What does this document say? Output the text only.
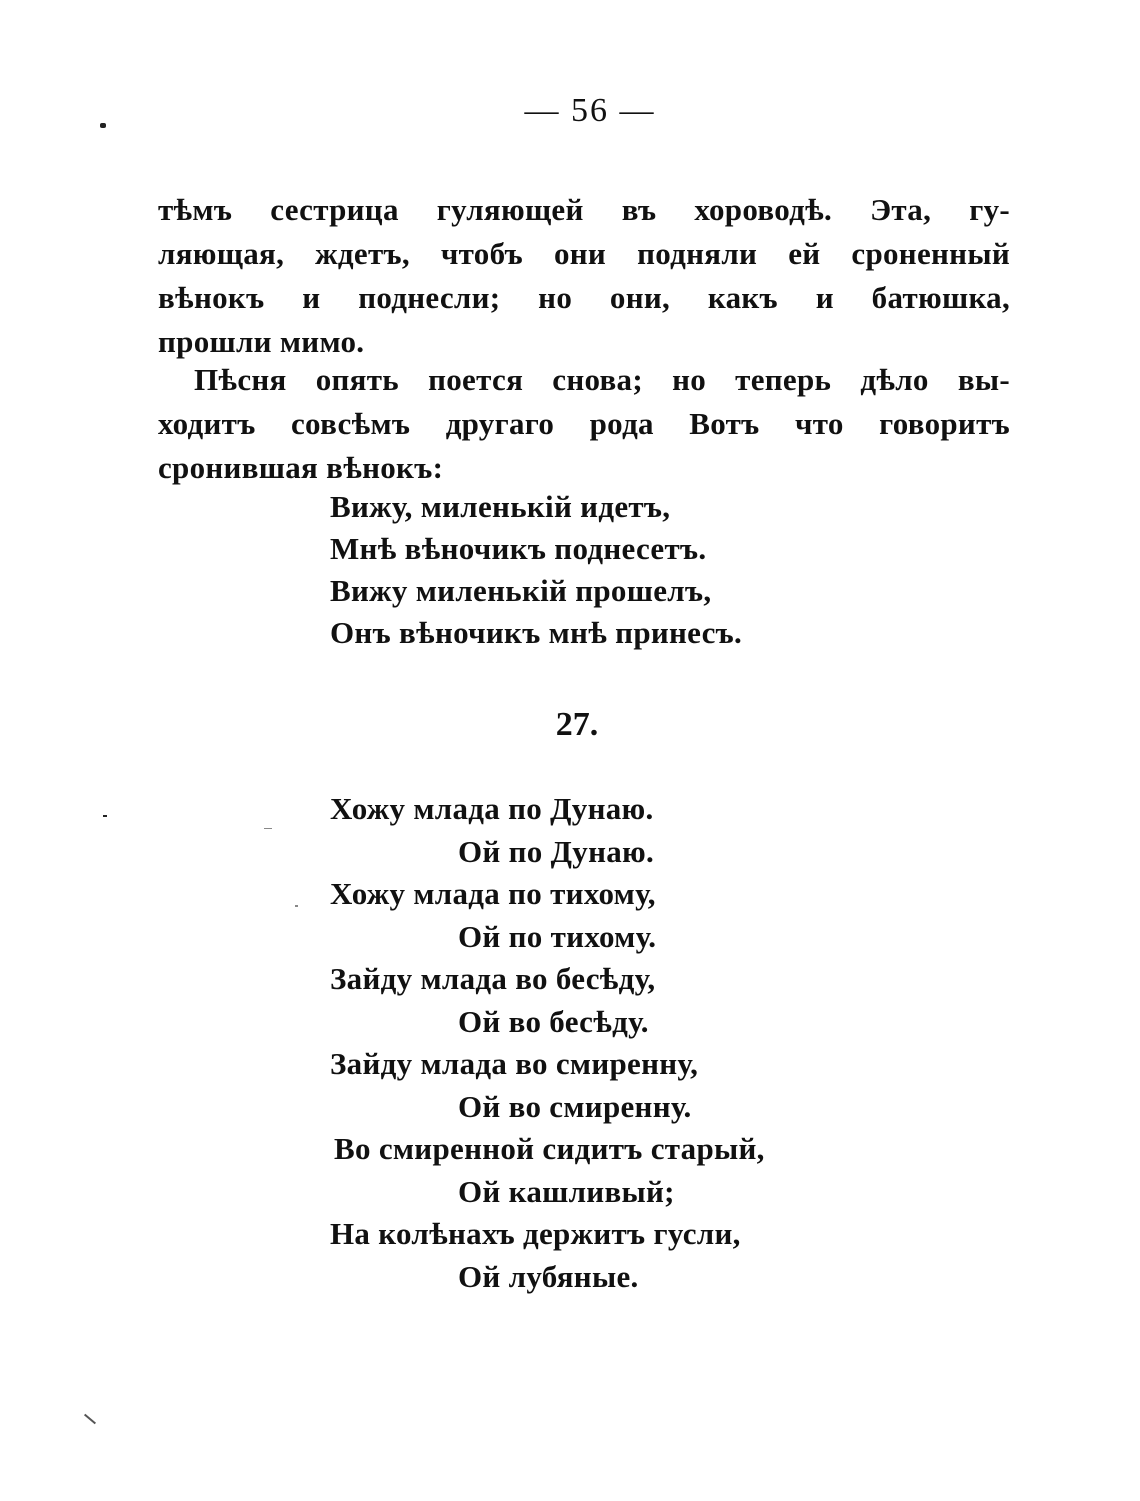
— 56 —
тѣмъ сестрица гуляющей въ хороводѣ. Эта, гу-
ляющая, ждетъ, чтобъ они подняли ей сроненный
вѣнокъ и поднесли; но они, какъ и батюшка,
прошли мимо.
Пѣсня опять поется снова; но теперь дѣло вы-
ходитъ совсѣмъ другаго рода Вотъ что говоритъ
сронившая вѣнокъ:
Вижу, миленькій идетъ,
Мнѣ вѣночикъ поднесетъ.
Вижу миленькій прошелъ,
Онъ вѣночикъ мнѣ принесъ.
27.
Хожу млада по Дунаю.
Ой по Дунаю.
Хожу млада по тихому,
Ой по тихому.
Зайду млада во бесѣду,
Ой во бесѣду.
Зайду млада во смиренну,
Ой во смиренну.
Во смиренной сидитъ старый,
Ой кашливый;
На колѣнахъ держитъ гусли,
Ой лубяные.
